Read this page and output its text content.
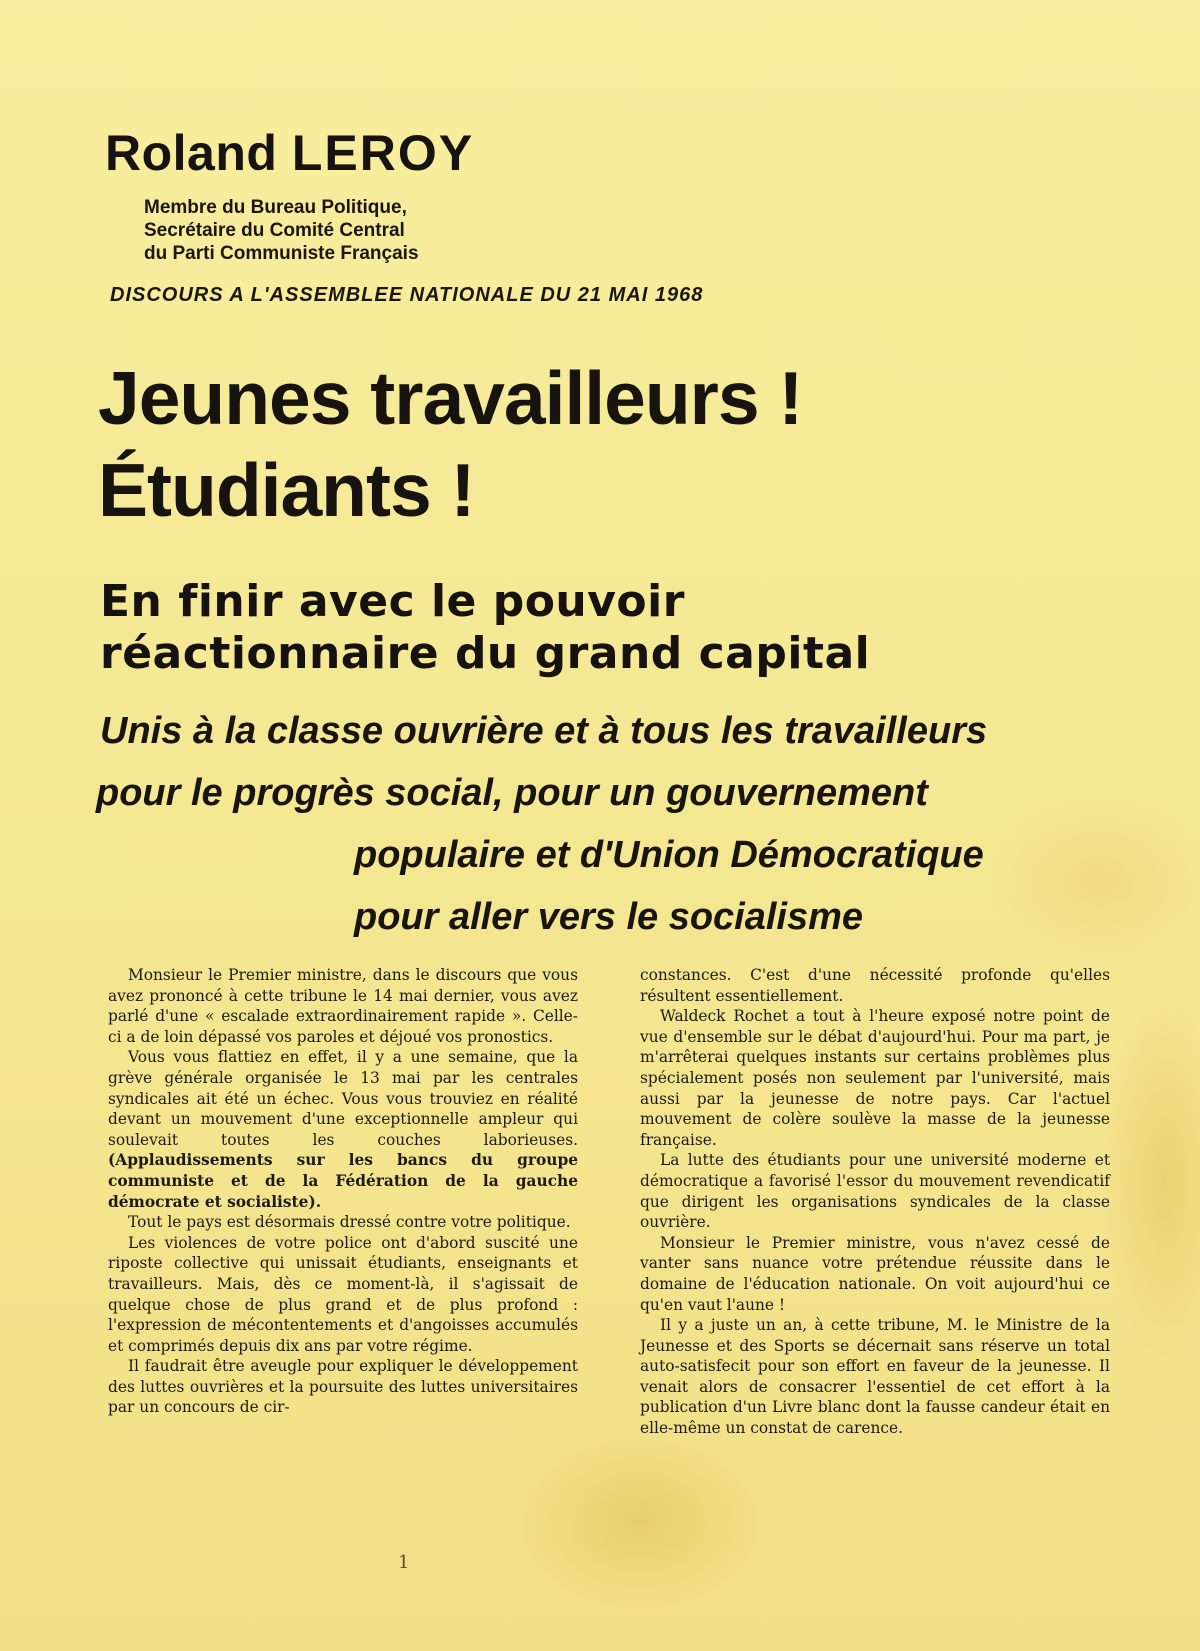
Roland LEROY
Membre du Bureau Politique,
Secrétaire du Comité Central
du Parti Communiste Français
DISCOURS A L'ASSEMBLEE NATIONALE DU 21 MAI 1968
Jeunes travailleurs !
Étudiants !
En finir avec le pouvoir
réactionnaire du grand capital
Unis à la classe ouvrière et à tous les travailleurs
pour le progrès social, pour un gouvernement
populaire et d'Union Démocratique
pour aller vers le socialisme

Monsieur le Premier ministre, dans le discours que vous avez prononcé à cette tribune le 14 mai dernier, vous avez parlé d'une « escalade extraordinairement rapide ». Celle-ci a de loin dépassé vos paroles et déjoué vos pronostics.

Vous vous flattiez en effet, il y a une semaine, que la grève générale organisée le 13 mai par les centrales syndicales ait été un échec. Vous vous trouviez en réalité devant un mouvement d'une exceptionnelle ampleur qui soulevait toutes les couches laborieuses. (Applaudissements sur les bancs du groupe communiste et de la Fédération de la gauche démocrate et socialiste).

Tout le pays est désormais dressé contre votre politique.

Les violences de votre police ont d'abord suscité une riposte collective qui unissait étudiants, enseignants et travailleurs. Mais, dès ce moment-là, il s'agissait de quelque chose de plus grand et de plus profond : l'expression de mécontentements et d'angoisses accumulés et comprimés depuis dix ans par votre régime.

Il faudrait être aveugle pour expliquer le développement des luttes ouvrières et la poursuite des luttes universitaires par un concours de cir-

constances. C'est d'une nécessité profonde qu'elles résultent essentiellement.

Waldeck Rochet a tout à l'heure exposé notre point de vue d'ensemble sur le débat d'aujourd'hui. Pour ma part, je m'arrêterai quelques instants sur certains problèmes plus spécialement posés non seulement par l'université, mais aussi par la jeunesse de notre pays. Car l'actuel mouvement de colère soulève la masse de la jeunesse française.

La lutte des étudiants pour une université moderne et démocratique a favorisé l'essor du mouvement revendicatif que dirigent les organisations syndicales de la classe ouvrière.

Monsieur le Premier ministre, vous n'avez cessé de vanter sans nuance votre prétendue réussite dans le domaine de l'éducation nationale. On voit aujourd'hui ce qu'en vaut l'aune !

Il y a juste un an, à cette tribune, M. le Ministre de la Jeunesse et des Sports se décernait sans réserve un total auto-satisfecit pour son effort en faveur de la jeunesse. Il venait alors de consacrer l'essentiel de cet effort à la publication d'un Livre blanc dont la fausse candeur était en elle-même un constat de carence.

1
